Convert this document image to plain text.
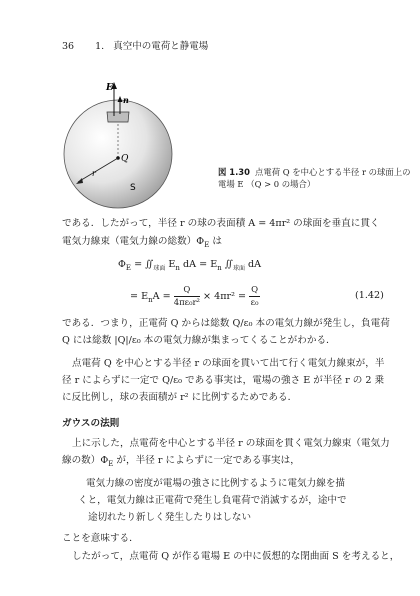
36 1. 真空中の電荷と静電場
E
n
Q
r
S
図 1.30 点電荷 Q を中心とする半径 r の球面上の
電場 E （Q > 0 の場合）
である．したがって，半径 r の球の表面積 A = 4πr² の球面を垂直に貫く
電気力線束（電気力線の総数）$\Phi_E$ は
$\Phi_E$ = $∬_{球面}$ $E_n$ dA = $E_n$ $∬_{球面}$ dA
= $E_nA = \frac{Q}{\text{4πε₀r²}} \times 4\pi r^2 = \frac{Q}{\text{ε₀}}$	(1.42)
である．つまり，正電荷 Q からは総数 Q/ε₀ 本の電気力線が発生し，負電荷
Q には総数 |Q|/ε₀ 本の電気力線が集まってくることがわかる．
点電荷 Q を中心とする半径 r の球面を貫いて出て行く電気力線束が，半
径 r によらずに一定で Q/ε₀ である事実は，電場の強さ E が半径 r の 2 乗
に反比例し，球の表面積が r² に比例するためである．
ガウスの法則
上に示した，点電荷を中心とする半径 r の球面を貫く電気力線束（電気力
線の数）$\Phi_E$ が，半径 r によらずに一定である事実は，
電気力線の密度が電場の強さに比例するように電気力線を描
くと，電気力線は正電荷で発生し負電荷で消滅するが，途中で
途切れたり新しく発生したりはしない
ことを意味する．
したがって，点電荷 Q が作る電場 E の中に仮想的な閉曲面 S を考えると，
